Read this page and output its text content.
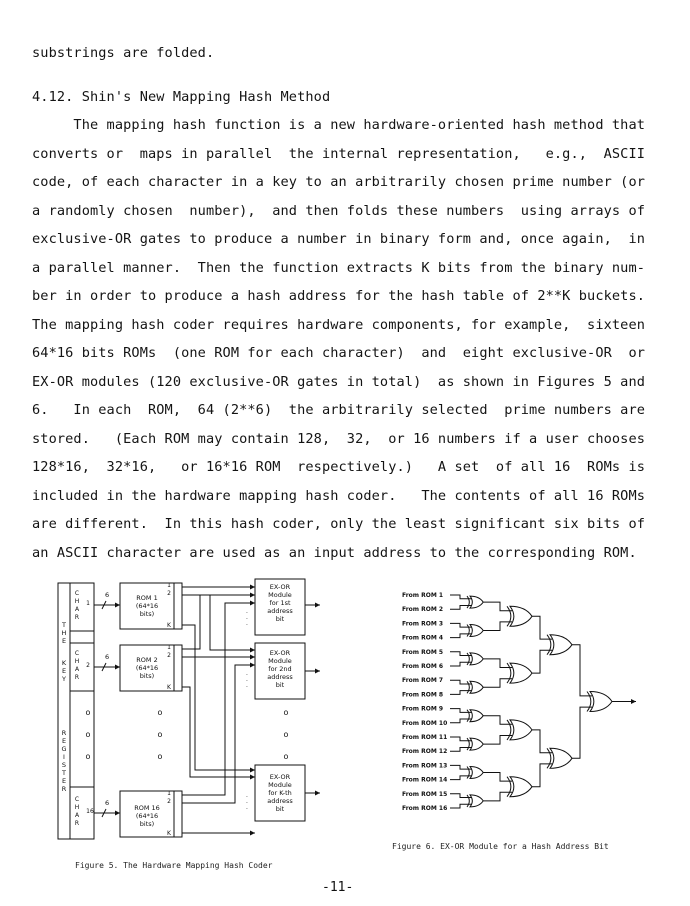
substrings are folded.
4.12. Shin's New Mapping Hash Method
The mapping hash function is a new hardware-oriented hash method that
converts or  maps in parallel  the internal representation,   e.g.,  ASCII
code, of each character in a key to an arbitrarily chosen prime number (or
a randomly chosen  number),  and then folds these numbers  using arrays of
exclusive-OR gates to produce a number in binary form and, once again,  in
a parallel manner.  Then the function extracts K bits from the binary num-
ber in order to produce a hash address for the hash table of 2**K buckets.
The mapping hash coder requires hardware components, for example,  sixteen
64*16 bits ROMs  (one ROM for each character)  and  eight exclusive-OR  or
EX-OR modules (120 exclusive-OR gates in total)  as shown in Figures 5 and
6.   In each  ROM,  64 (2**6)  the arbitrarily selected  prime numbers are
stored.   (Each ROM may contain 128,  32,  or 16 numbers if a user chooses
128*16,  32*16,   or 16*16 ROM  respectively.)   A set  of all 16  ROMs is
included in the hardware mapping hash coder.   The contents of all 16 ROMs
are different.  In this hash coder, only the least significant six bits of
an ASCII character are used as an input address to the corresponding ROM.
T
H
E
K
E
Y
R
E
G
I
S
T
E
R
C
H
A
R
1
C
H
A
R
2
C
H
A
R
16
o
o
o
6
6
6
ROM 1
(64*16
bits)
ROM 2
(64*16
bits)
ROM 16
(64*16
bits)
1
2
K
1
2
K
1
2
K
o
o
o
.
.
.
.
.
.
.
.
.
EX-OR
Module
for 1st
address
bit
EX-OR
Module
for 2nd
address
bit
EX-OR
Module
for K-th
address
bit
o
o
o
Figure 5. The Hardware Mapping Hash Coder
From ROM 1
From ROM 2
From ROM 3
From ROM 4
From ROM 5
From ROM 6
From ROM 7
From ROM 8
From ROM 9
From ROM 10
From ROM 11
From ROM 12
From ROM 13
From ROM 14
From ROM 15
From ROM 16
Figure 6. EX-OR Module for a Hash Address Bit
-11-
